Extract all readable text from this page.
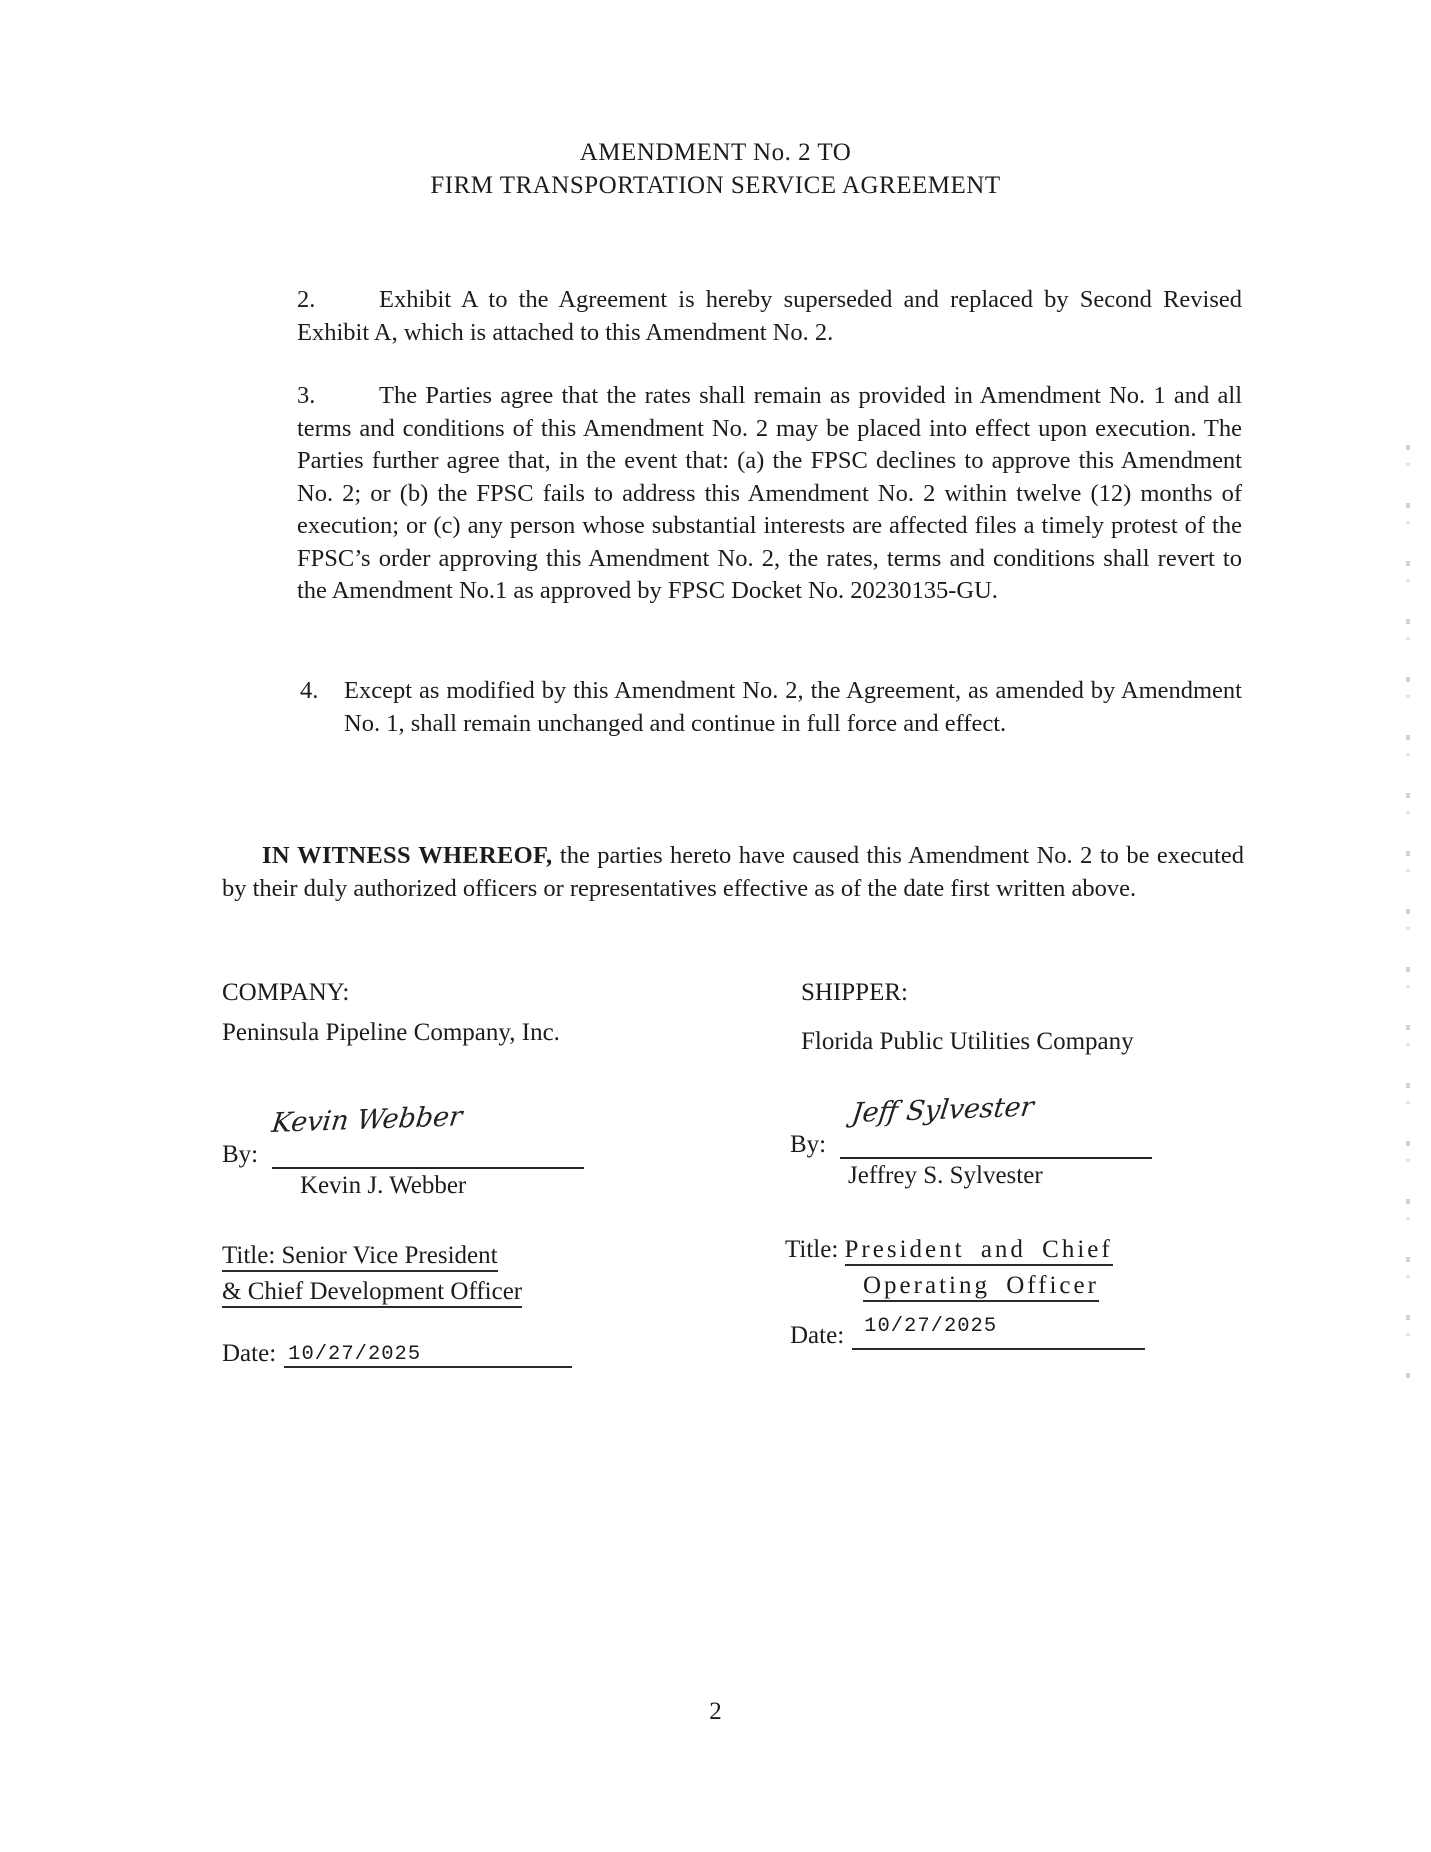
AMENDMENT No. 2 TO
FIRM TRANSPORTATION SERVICE AGREEMENT
2.	Exhibit A to the Agreement is hereby superseded and replaced by Second Revised Exhibit A, which is attached to this Amendment No. 2.
3.	The Parties agree that the rates shall remain as provided in Amendment No. 1 and all terms and conditions of this Amendment No. 2 may be placed into effect upon execution. The Parties further agree that, in the event that: (a) the FPSC declines to approve this Amendment No. 2; or (b) the FPSC fails to address this Amendment No. 2 within twelve (12) months of execution; or (c) any person whose substantial interests are affected files a timely protest of the FPSC’s order approving this Amendment No. 2, the rates, terms and conditions shall revert to the Amendment No.1 as approved by FPSC Docket No. 20230135-GU.
4. Except as modified by this Amendment No. 2, the Agreement, as amended by Amendment No. 1, shall remain unchanged and continue in full force and effect.
IN WITNESS WHEREOF, the parties hereto have caused this Amendment No. 2 to be executed by their duly authorized officers or representatives effective as of the date first written above.
COMPANY:
Peninsula Pipeline Company, Inc.
SHIPPER:
Florida Public Utilities Company
Kevin Webber
By:
Kevin J. Webber
Jeff Sylvester
By:
Jeffrey S. Sylvester
Title: Senior Vice President
& Chief Development Officer
Title: President and Chief
Operating Officer
Date: 10/27/2025
Date: $^{10/27/2025}$
2
